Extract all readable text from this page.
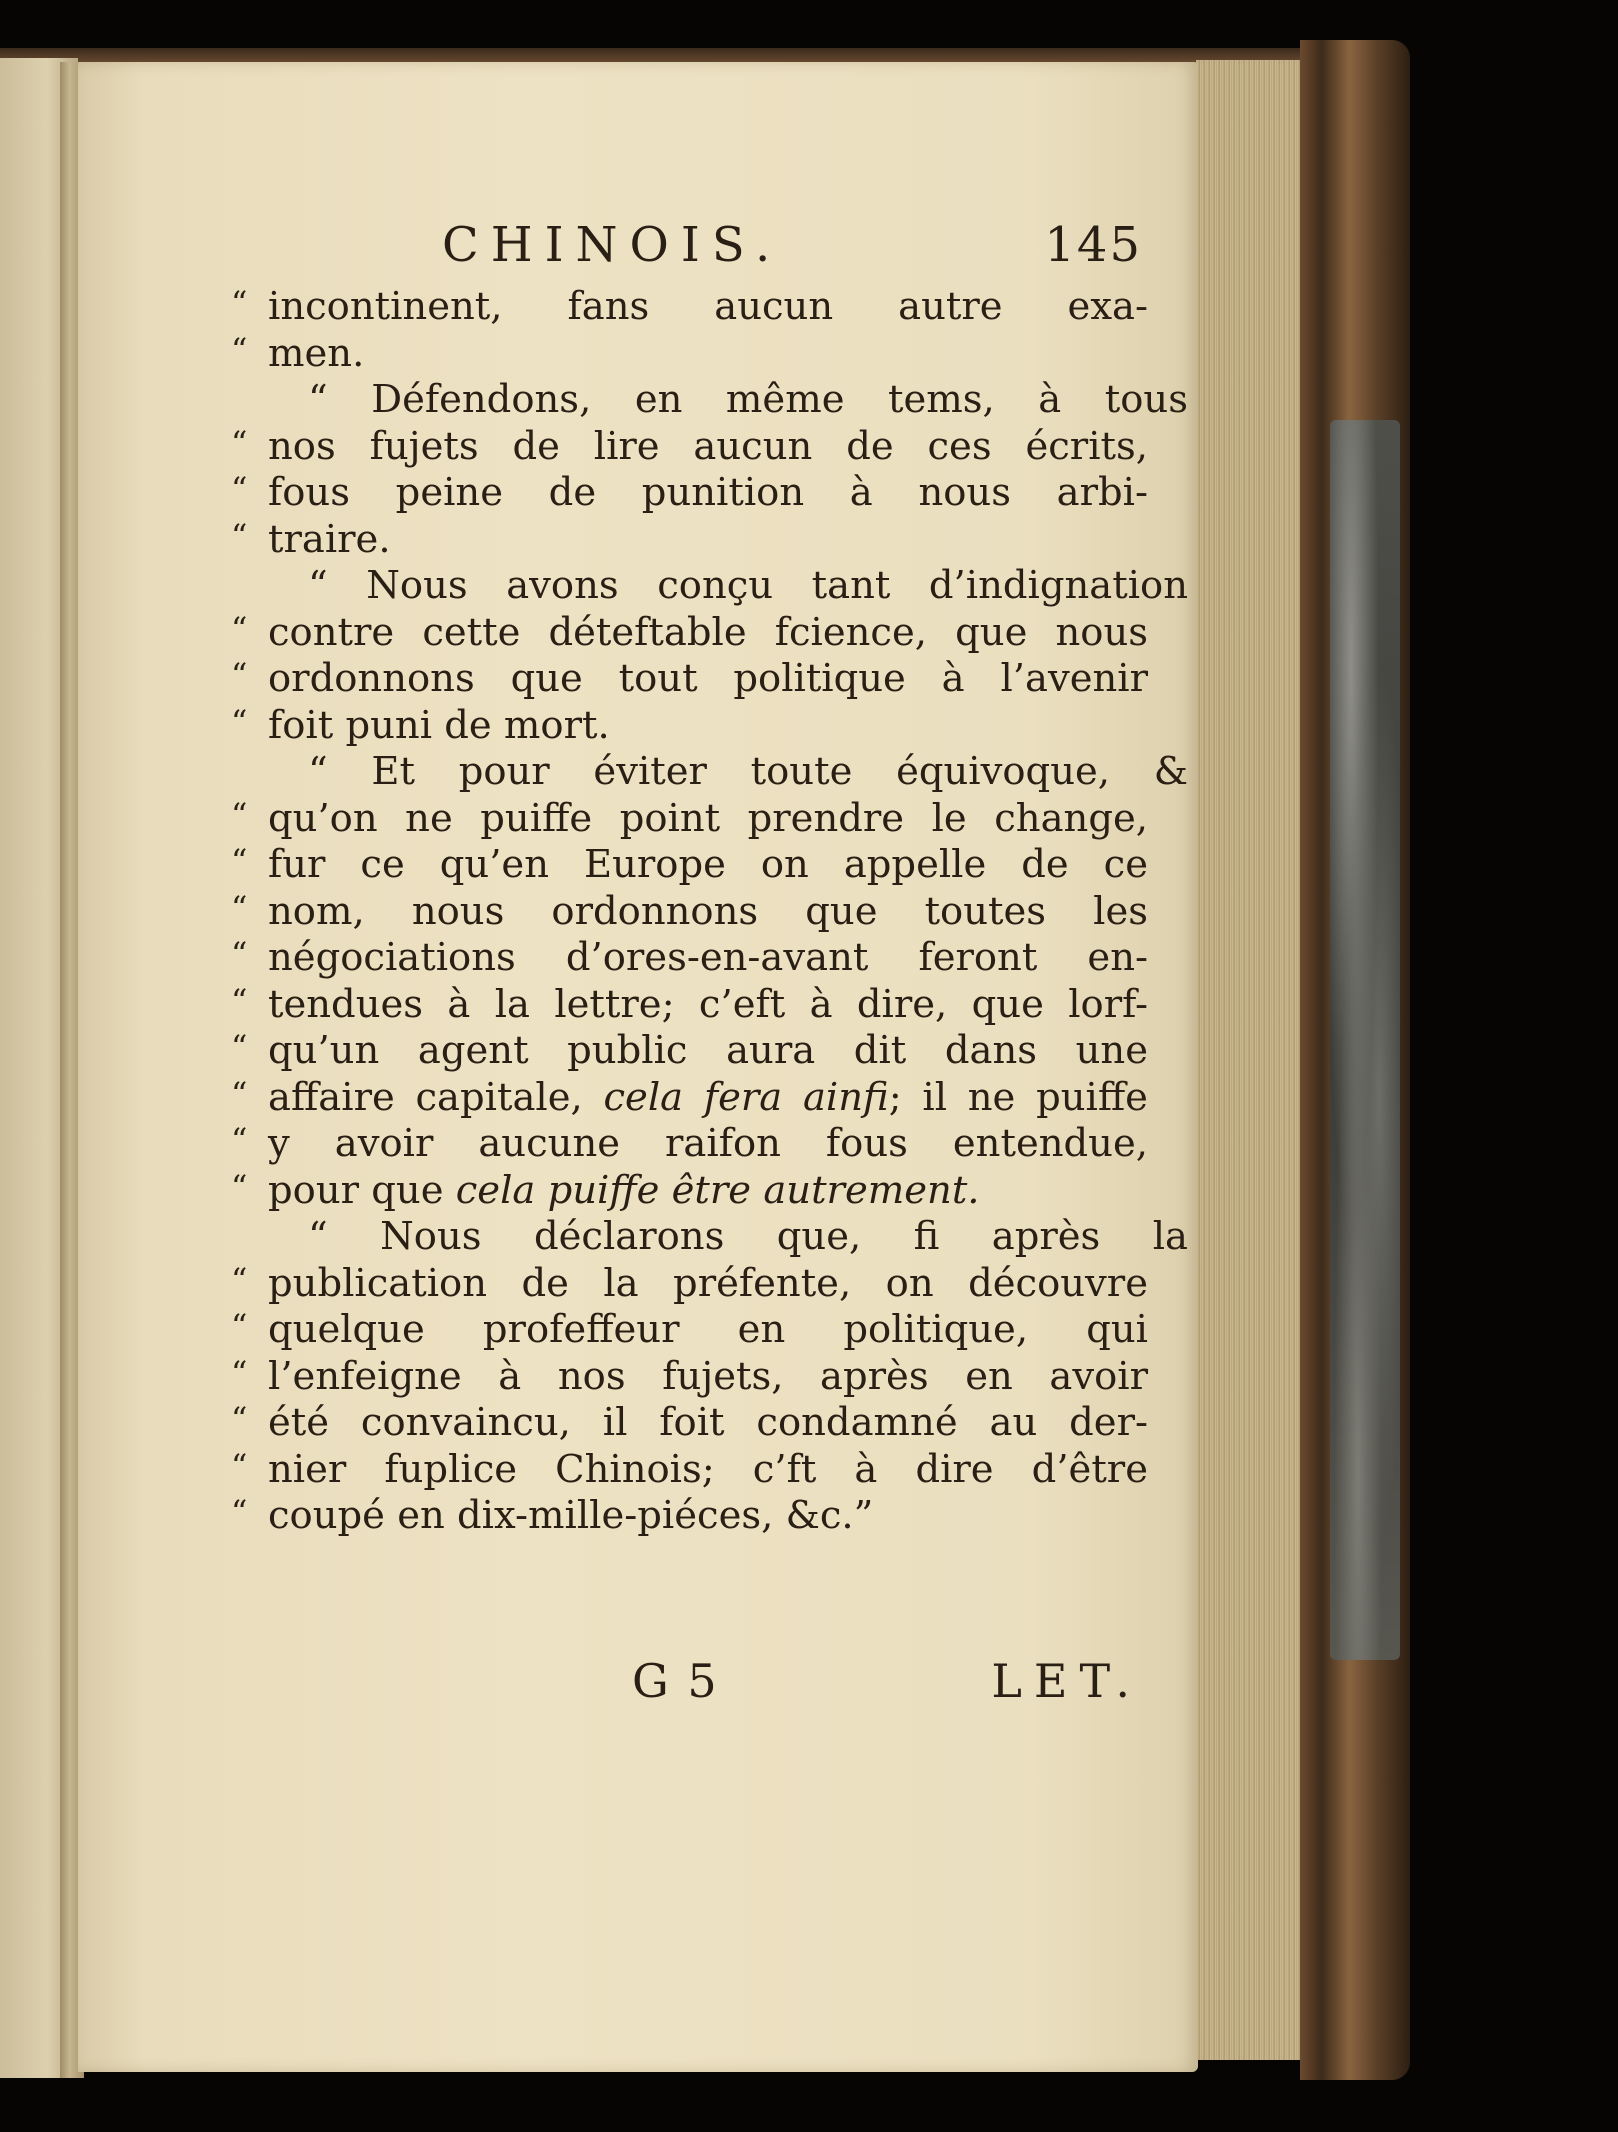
CHINOIS.	145
“ incontinent, fans aucun autre exa-
“ men.
“ Défendons, en même tems, à tous
“ nos fujets de lire aucun de ces écrits,
“ fous peine de punition à nous arbi-
“ traire.
“ Nous avons conçu tant d’indignation
“ contre cette déteftable fcience, que nous
“ ordonnons que tout politique à l’avenir
“ foit puni de mort.
“ Et pour éviter toute équivoque, &
“ qu’on ne puiffe point prendre le change,
“ fur ce qu’en Europe on appelle de ce
“ nom, nous ordonnons que toutes les
“ négociations d’ores-en-avant feront en-
“ tendues à la lettre; c’eft à dire, que lorf-
“ qu’un agent public aura dit dans une
“ affaire capitale, cela fera ainfi; il ne puiffe
“ y avoir aucune raifon fous entendue,
“ pour que cela puiffe être autrement.
“ Nous déclarons que, fi après la
“ publication de la préfente, on découvre
“ quelque profeffeur en politique, qui
“ l’enfeigne à nos fujets, après en avoir
“ été convaincu, il foit condamné au der-
“ nier fuplice Chinois; c’ft à dire d’être
“ coupé en dix-mille-piéces, &c.”
G 5	LET.
